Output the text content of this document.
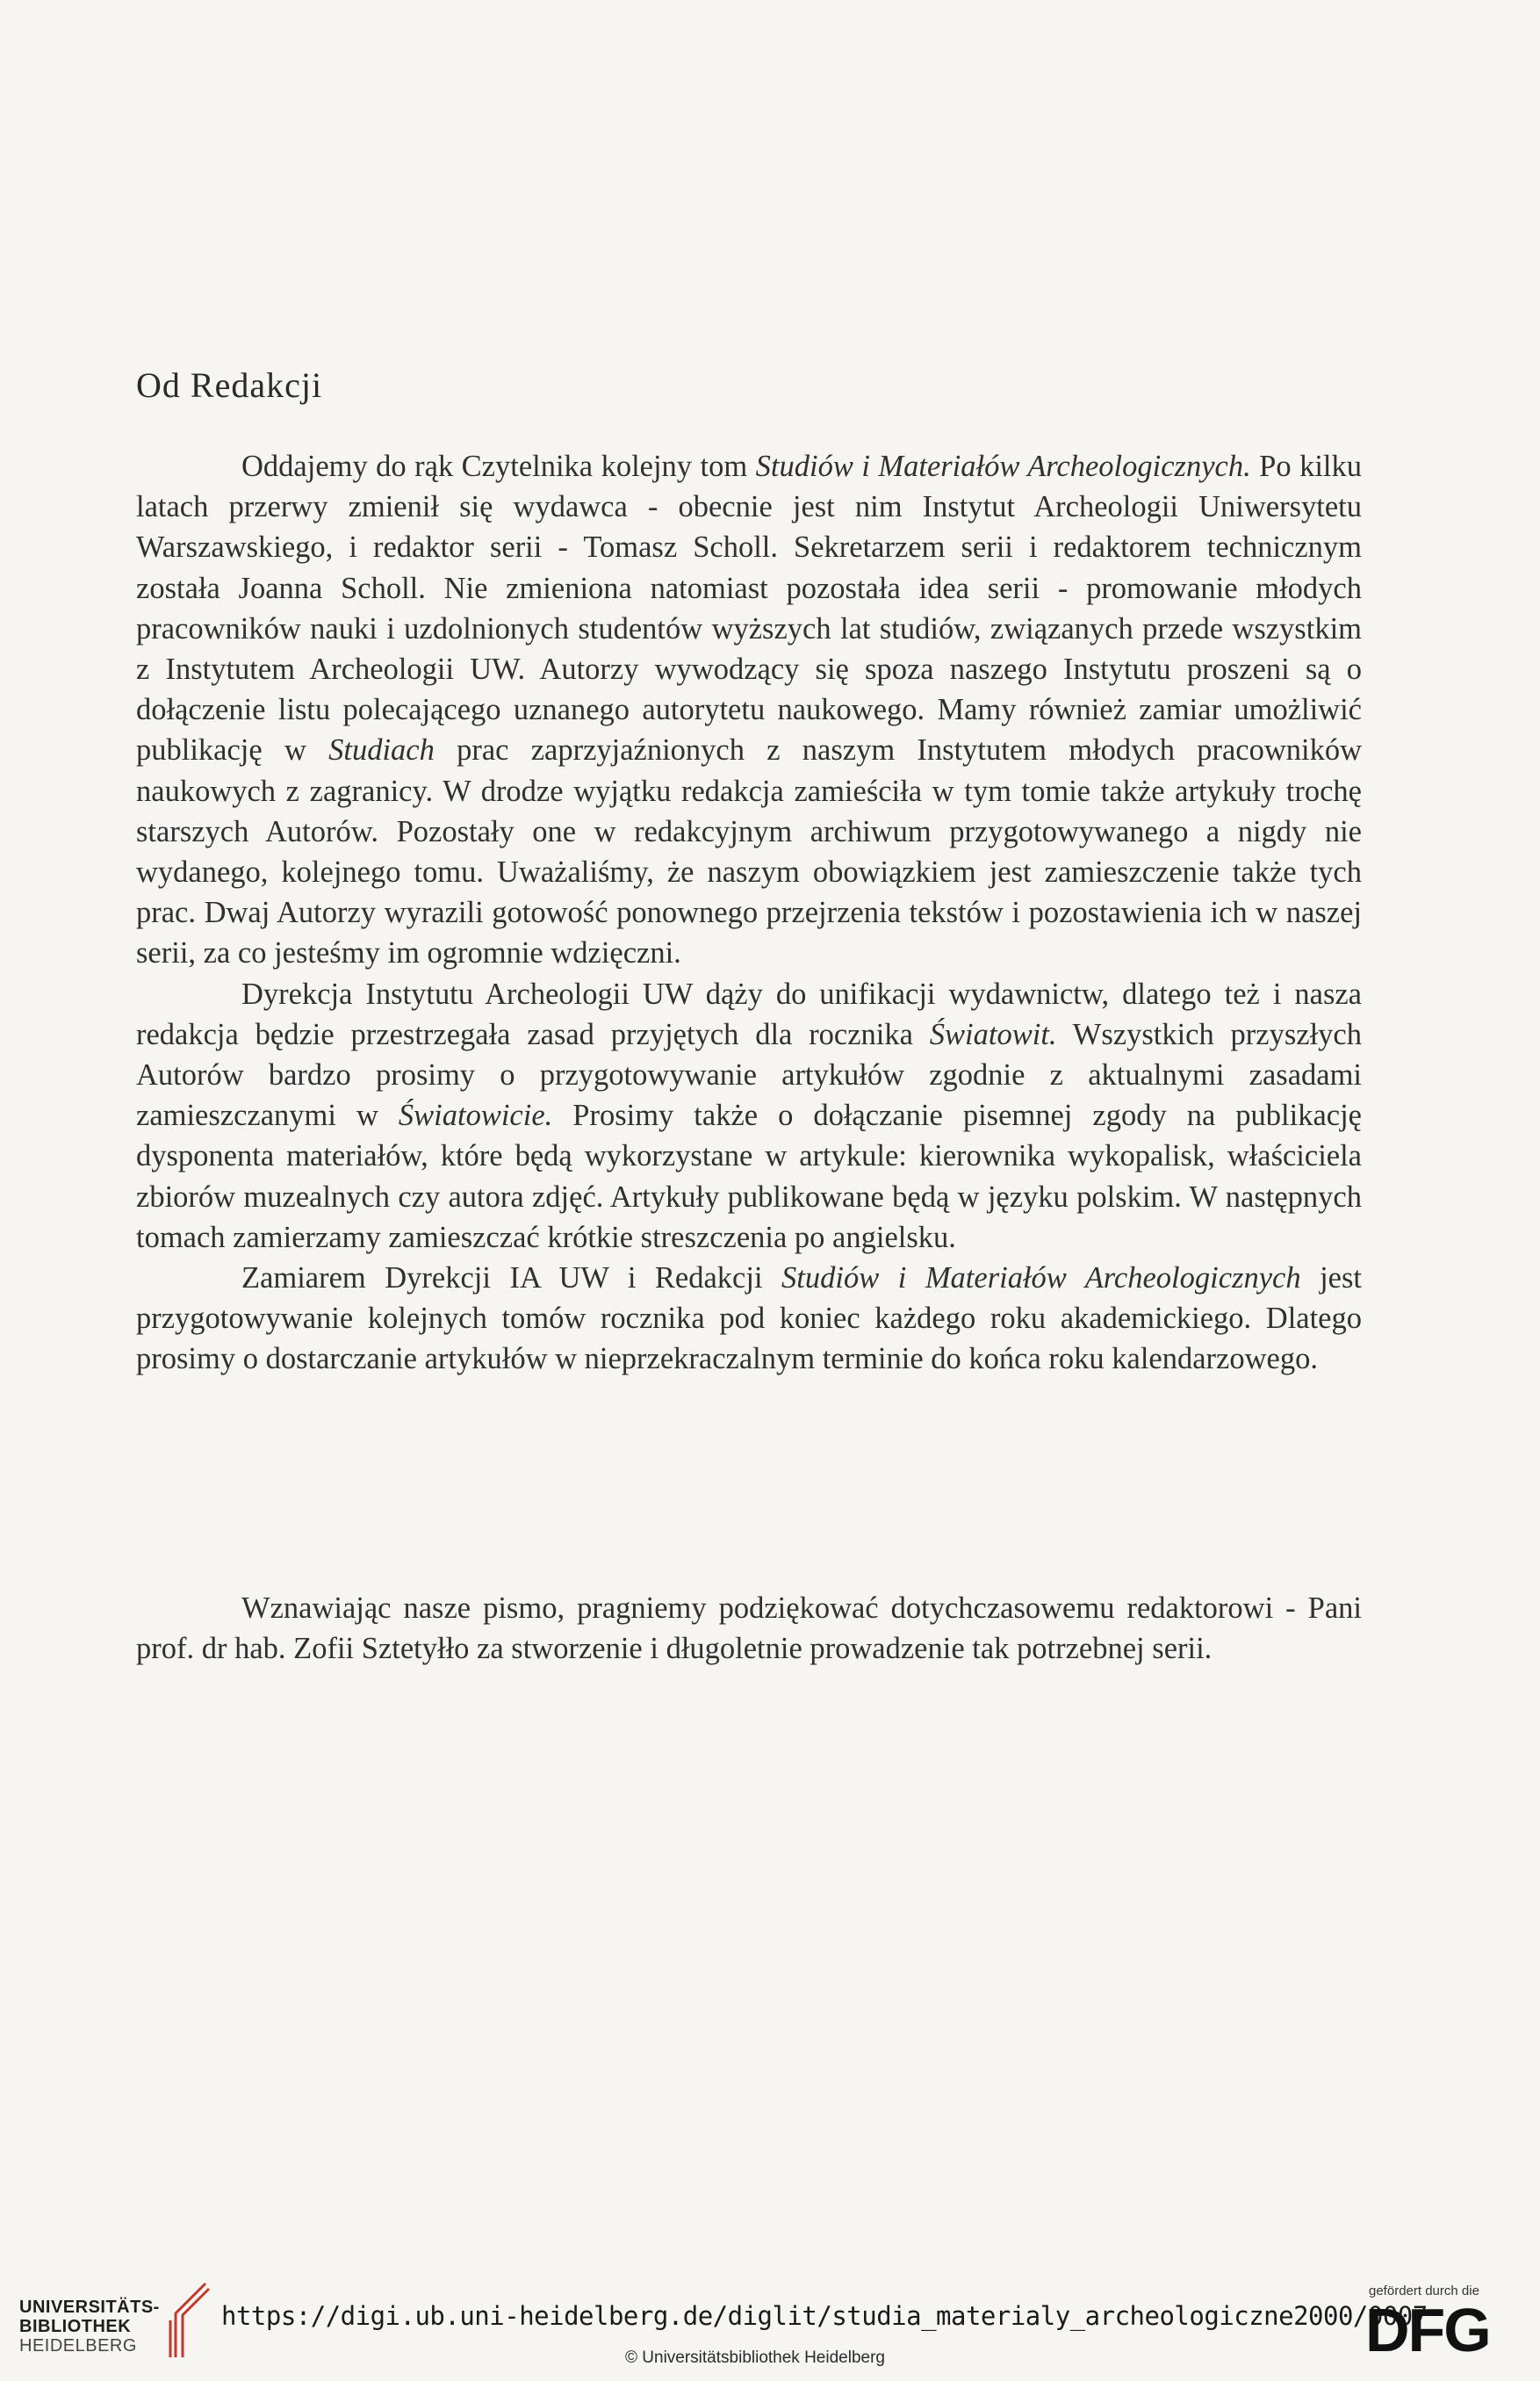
Od Redakcji

Oddajemy do rąk Czytelnika kolejny tom Studiów i Materiałów Archeologicznych. Po kilku latach przerwy zmienił się wydawca - obecnie jest nim Instytut Archeologii Uniwersytetu Warszawskiego, i redaktor serii - Tomasz Scholl. Sekretarzem serii i redaktorem technicznym została Joanna Scholl. Nie zmieniona natomiast pozostała idea serii - promowanie młodych pracowników nauki i uzdolnionych studentów wyższych lat studiów, związanych przede wszystkim z Instytutem Archeologii UW. Autorzy wywodzący się spoza naszego Instytutu proszeni są o dołączenie listu polecającego uznanego autorytetu naukowego. Mamy również zamiar umożliwić publikację w Studiach prac zaprzyjaźnionych z naszym Instytutem młodych pracowników naukowych z zagranicy. W drodze wyjątku redakcja zamieściła w tym tomie także artykuły trochę starszych Autorów. Pozostały one w redakcyjnym archiwum przygotowywanego a nigdy nie wydanego, kolejnego tomu. Uważaliśmy, że naszym obowiązkiem jest zamieszczenie także tych prac. Dwaj Autorzy wyrazili gotowość ponownego przejrzenia tekstów i pozostawienia ich w naszej serii, za co jesteśmy im ogromnie wdzięczni.

Dyrekcja Instytutu Archeologii UW dąży do unifikacji wydawnictw, dlatego też i nasza redakcja będzie przestrzegała zasad przyjętych dla rocznika Światowit. Wszystkich przyszłych Autorów bardzo prosimy o przygotowywanie artykułów zgodnie z aktualnymi zasadami zamieszczanymi w Światowicie. Prosimy także o dołączanie pisemnej zgody na publikację dysponenta materiałów, które będą wykorzystane w artykule: kierownika wykopalisk, właściciela zbiorów muzealnych czy autora zdjęć. Artykuły publikowane będą w języku polskim. W następnych tomach zamierzamy zamieszczać krótkie streszczenia po angielsku.

Zamiarem Dyrekcji IA UW i Redakcji Studiów i Materiałów Archeologicznych jest przygotowywanie kolejnych tomów rocznika pod koniec każdego roku akademickiego. Dlatego prosimy o dostarczanie artykułów w nieprzekraczalnym terminie do końca roku kalendarzowego.

Wznawiając nasze pismo, pragniemy podziękować dotychczasowemu redaktorowi - Pani prof. dr hab. Zofii Sztetyłło za stworzenie i długoletnie prowadzenie tak potrzebnej serii.

UNIVERSITÄTS-
BIBLIOTHEK
HEIDELBERG
https://digi.ub.uni-heidelberg.de/diglit/studia_materialy_archeologiczne2000/0007
© Universitätsbibliothek Heidelberg
gefördert durch die
DFG
